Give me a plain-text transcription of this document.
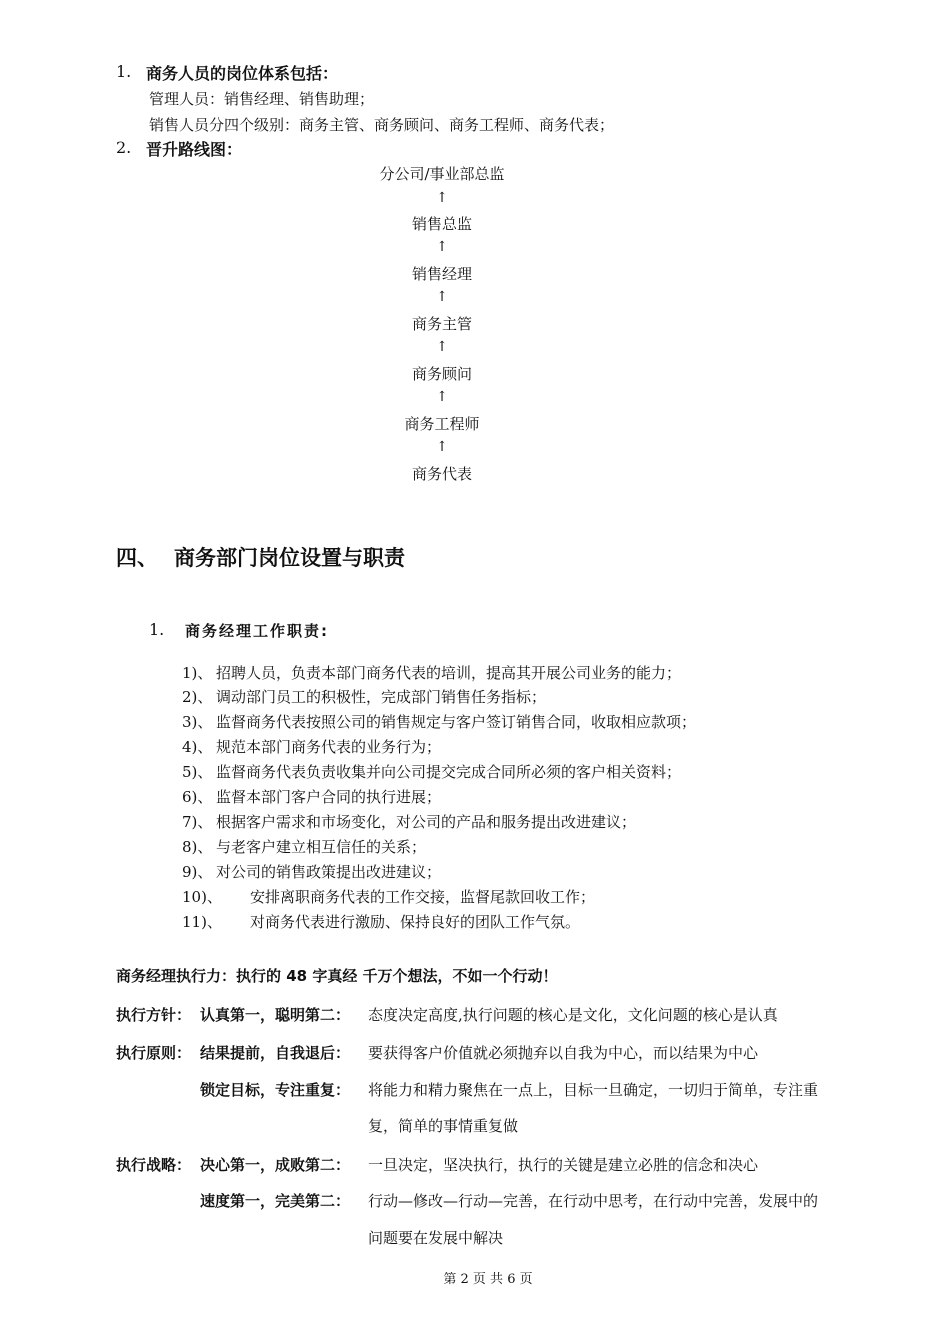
1. 商务人员的岗位体系包括：
管理人员：销售经理、销售助理；
销售人员分四个级别：商务主管、商务顾问、商务工程师、商务代表；
2. 晋升路线图：
分公司/事业部总监
↑
销售总监
↑
销售经理
↑
商务主管
↑
商务顾问
↑
商务工程师
↑
商务代表
四、 商务部门岗位设置与职责
1. 商务经理工作职责:
1)、 招聘人员，负责本部门商务代表的培训，提高其开展公司业务的能力；
2)、 调动部门员工的积极性，完成部门销售任务指标；
3)、 监督商务代表按照公司的销售规定与客户签订销售合同，收取相应款项；
4)、 规范本部门商务代表的业务行为；
5)、 监督商务代表负责收集并向公司提交完成合同所必须的客户相关资料；
6)、 监督本部门客户合同的执行进展；
7)、 根据客户需求和市场变化，对公司的产品和服务提出改进建议；
8)、 与老客户建立相互信任的关系；
9)、 对公司的销售政策提出改进建议；
10)、 安排离职商务代表的工作交接，监督尾款回收工作；
11)、 对商务代表进行激励、保持良好的团队工作气氛。
商务经理执行力：执行的 48 字真经 千万个想法，不如一个行动！
执行方针： 认真第一，聪明第二： 态度决定高度,执行问题的核心是文化，文化问题的核心是认真
执行原则： 结果提前，自我退后： 要获得客户价值就必须抛弃以自我为中心，而以结果为中心
锁定目标，专注重复： 将能力和精力聚焦在一点上，目标一旦确定，一切归于简单，专注重
复，简单的事情重复做
执行战略： 决心第一，成败第二： 一旦决定，坚决执行，执行的关键是建立必胜的信念和决心
速度第一，完美第二： 行动—修改—行动—完善，在行动中思考，在行动中完善，发展中的
问题要在发展中解决
第 2 页 共 6 页
